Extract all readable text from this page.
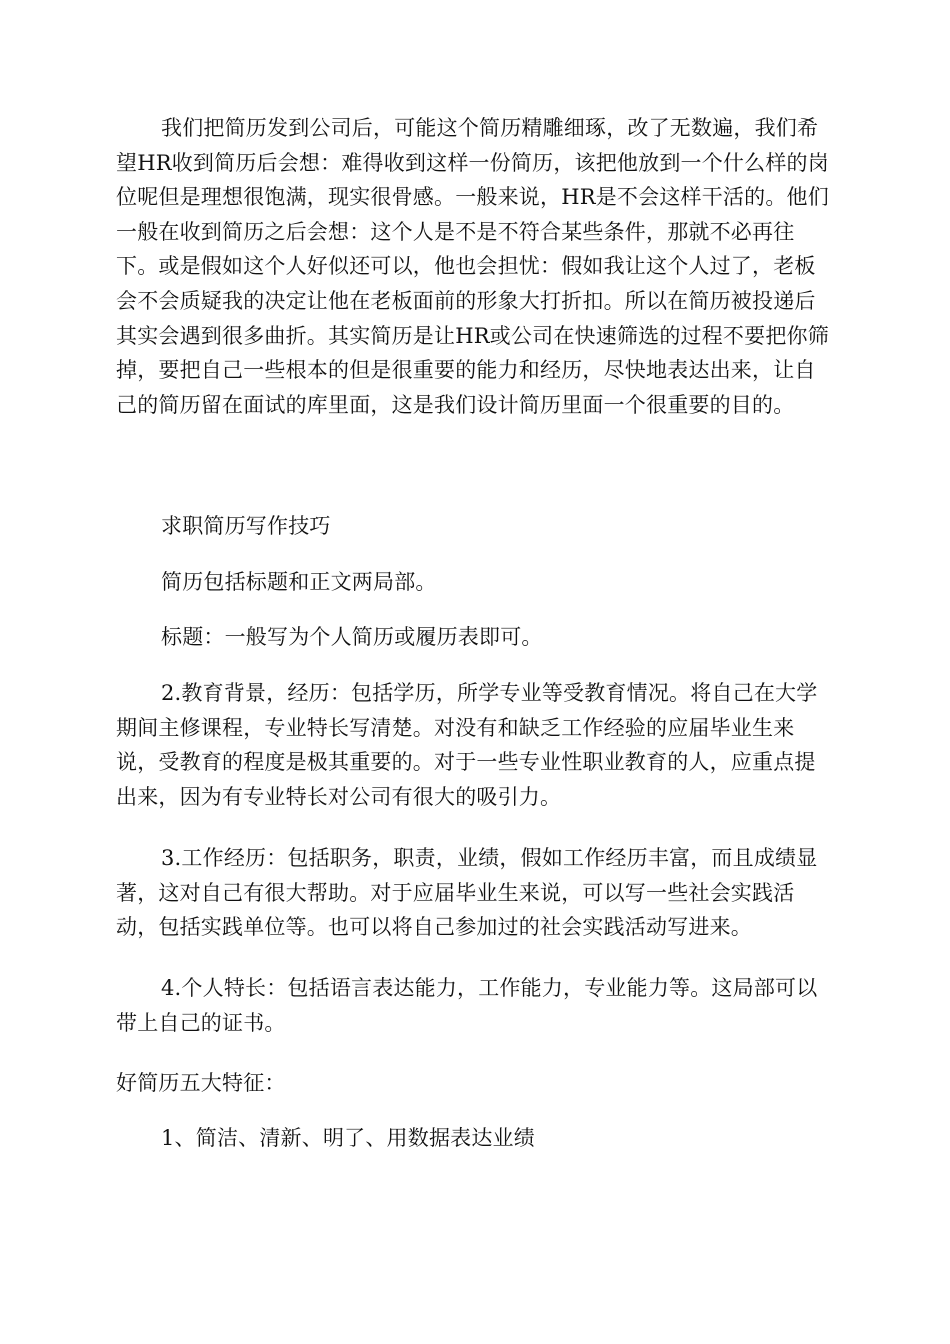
我们把简历发到公司后，可能这个简历精雕细琢，改了无数遍，我们希望HR收到简历后会想：难得收到这样一份简历，该把他放到一个什么样的岗位呢但是理想很饱满，现实很骨感。一般来说，HR是不会这样干活的。他们一般在收到简历之后会想：这个人是不是不符合某些条件，那就不必再往下。或是假如这个人好似还可以，他也会担忧：假如我让这个人过了，老板会不会质疑我的决定让他在老板面前的形象大打折扣。所以在简历被投递后其实会遇到很多曲折。其实简历是让HR或公司在快速筛选的过程不要把你筛掉，要把自己一些根本的但是很重要的能力和经历，尽快地表达出来，让自己的简历留在面试的库里面，这是我们设计简历里面一个很重要的目的。

求职简历写作技巧

简历包括标题和正文两局部。

标题：一般写为个人简历或履历表即可。

2.教育背景，经历：包括学历，所学专业等受教育情况。将自己在大学期间主修课程，专业特长写清楚。对没有和缺乏工作经验的应届毕业生来说，受教育的程度是极其重要的。对于一些专业性职业教育的人，应重点提出来，因为有专业特长对公司有很大的吸引力。

3.工作经历：包括职务，职责，业绩，假如工作经历丰富，而且成绩显著，这对自己有很大帮助。对于应届毕业生来说，可以写一些社会实践活动，包括实践单位等。也可以将自己参加过的社会实践活动写进来。

4.个人特长：包括语言表达能力，工作能力，专业能力等。这局部可以带上自己的证书。

好简历五大特征：

1、简洁、清新、明了、用数据表达业绩
